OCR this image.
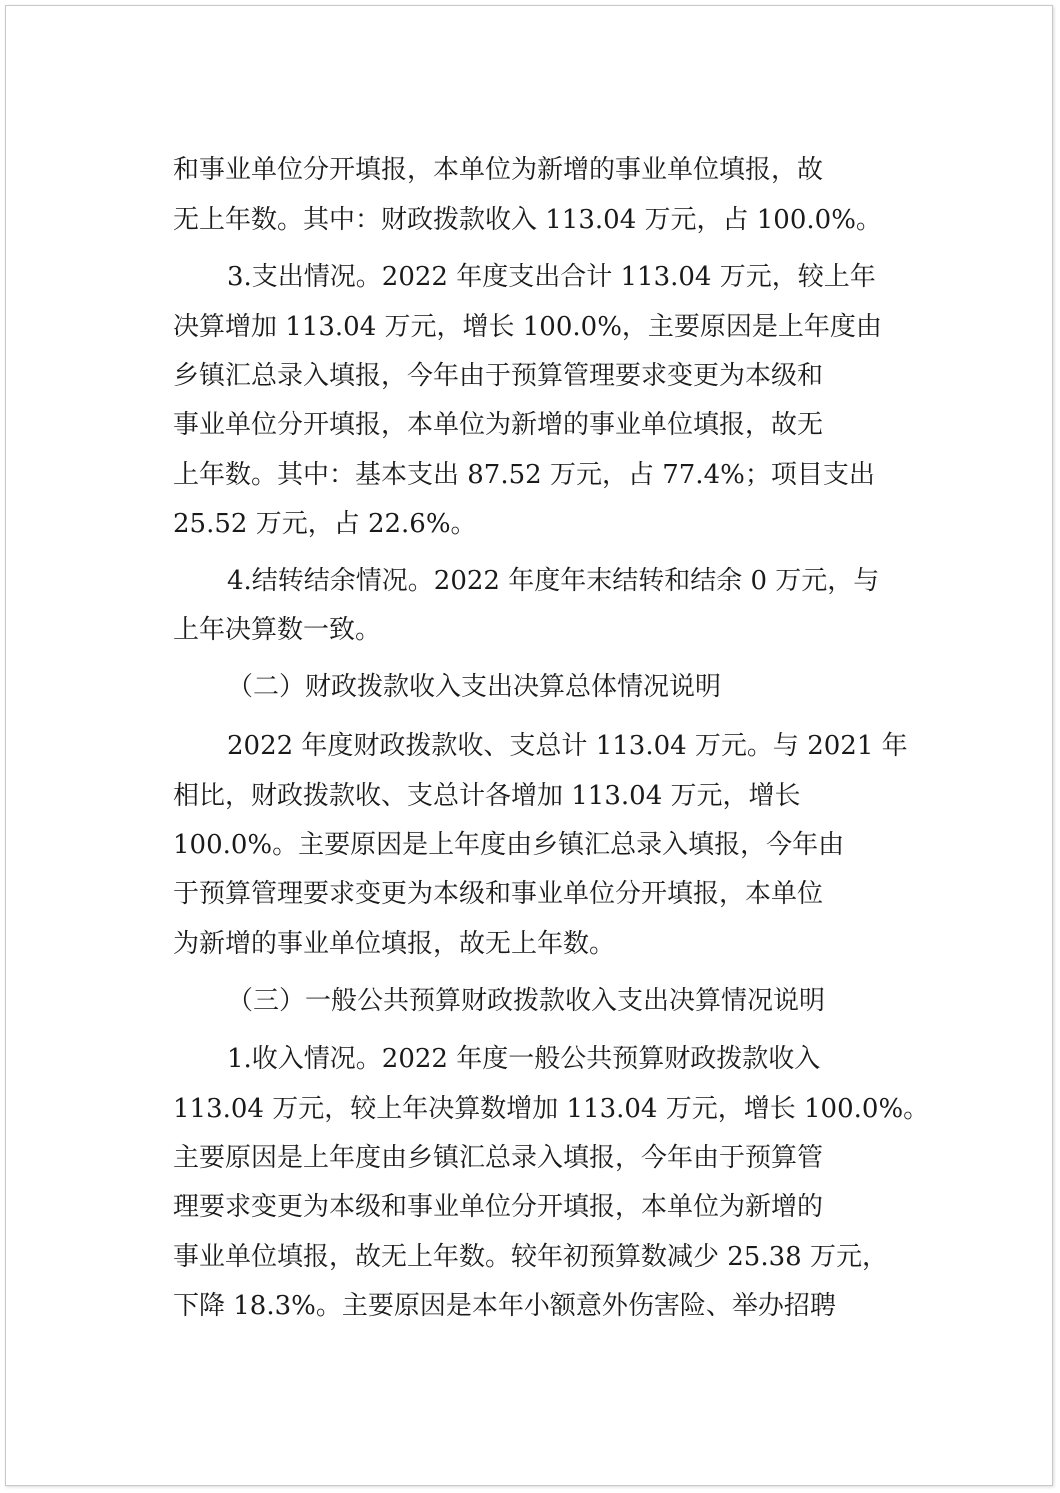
和事业单位分开填报，本单位为新增的事业单位填报，故
无上年数。其中：财政拨款收入 113.04 万元，占 100.0%。
3.支出情况。2022 年度支出合计 113.04 万元，较上年
决算增加 113.04 万元，增长 100.0%，主要原因是上年度由
乡镇汇总录入填报，今年由于预算管理要求变更为本级和
事业单位分开填报，本单位为新增的事业单位填报，故无
上年数。其中：基本支出 87.52 万元，占 77.4%；项目支出
25.52 万元，占 22.6%。
4.结转结余情况。2022 年度年末结转和结余 0 万元，与
上年决算数一致。
（二）财政拨款收入支出决算总体情况说明
2022 年度财政拨款收、支总计 113.04 万元。与 2021 年
相比，财政拨款收、支总计各增加 113.04 万元，增长
100.0%。主要原因是上年度由乡镇汇总录入填报，今年由
于预算管理要求变更为本级和事业单位分开填报，本单位
为新增的事业单位填报，故无上年数。
（三）一般公共预算财政拨款收入支出决算情况说明
1.收入情况。2022 年度一般公共预算财政拨款收入
113.04 万元，较上年决算数增加 113.04 万元，增长 100.0%。
主要原因是上年度由乡镇汇总录入填报，今年由于预算管
理要求变更为本级和事业单位分开填报，本单位为新增的
事业单位填报，故无上年数。较年初预算数减少 25.38 万元，
下降 18.3%。主要原因是本年小额意外伤害险、举办招聘
